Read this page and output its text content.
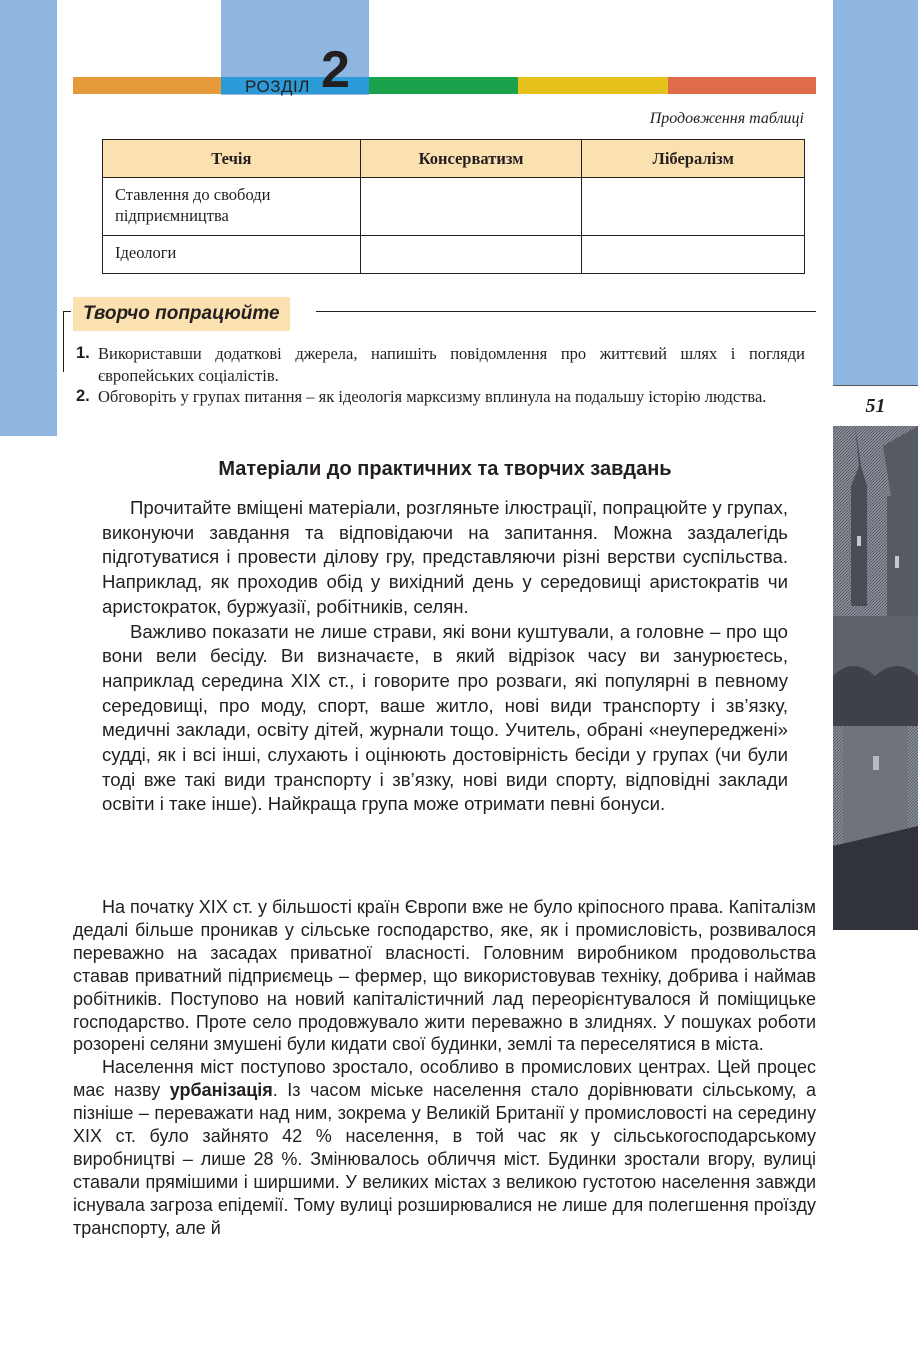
РОЗДІЛ 2
51
Продовження таблиці
Течія	Консерватизм	Лібералізм
Ставлення до свободи підприємництва		
Ідеологи		
Творчо попрацюйте
1. Використавши додаткові джерела, напишіть повідомлення про життєвий шлях і погляди європейських соціалістів.
2. Обговоріть у групах питання – як ідеологія марксизму вплинула на подальшу історію людства.
Матеріали до практичних та творчих завдань

Прочитайте вміщені матеріали, розгляньте ілюстрації, попрацюйте у групах, виконуючи завдання та відповідаючи на запитання. Можна заздалегідь підготуватися і провести ділову гру, представляючи різні верстви суспільства. Наприклад, як проходив обід у вихідний день у середовищі аристократів чи аристократок, буржуазії, робітників, селян.

Важливо показати не лише страви, які вони куштували, а головне – про що вони вели бесіду. Ви визначаєте, в який відрізок часу ви занурюєтесь, наприклад середина ХІХ ст., і говорите про розваги, які популярні в певному середовищі, про моду, спорт, ваше житло, нові види транспорту і зв’язку, медичні заклади, освіту дітей, журнали тощо. Учитель, обрані «неупереджені» судді, як і всі інші, слухають і оцінюють достовірність бесіди у групах (чи були тоді вже такі види транспорту і зв’язку, нові види спорту, відповідні заклади освіти і таке інше). Найкраща група може отримати певні бонуси.

На початку ХІХ ст. у більшості країн Європи вже не було кріпосного права. Капіталізм дедалі більше проникав у сільське господарство, яке, як і промисловість, розвивалося переважно на засадах приватної власності. Головним виробником продовольства ставав приватний підприємець – фермер, що використовував техніку, добрива і наймав робітників. Поступово на новий капіталістичний лад переорієнтувалося й поміщицьке господарство. Проте село продовжувало жити переважно в злиднях. У пошуках роботи розорені селяни змушені були кидати свої будинки, землі та переселятися в міста.

Населення міст поступово зростало, особливо в промислових центрах. Цей процес має назву урбанізація. Із часом міське населення стало дорівнювати сільському, а пізніше – переважати над ним, зокрема у Великій Британії у промисловості на середину ХІХ ст. було зайнято 42 % населення, в той час як у сільськогосподарському виробництві – лише 28 %. Змінювалось обличчя міст. Будинки зростали вгору, вулиці ставали прямішими і ширшими. У великих містах з великою густотою населення завжди існувала загроза епідемії. Тому вулиці розширювалися не лише для полегшення проїзду транспорту, але й
